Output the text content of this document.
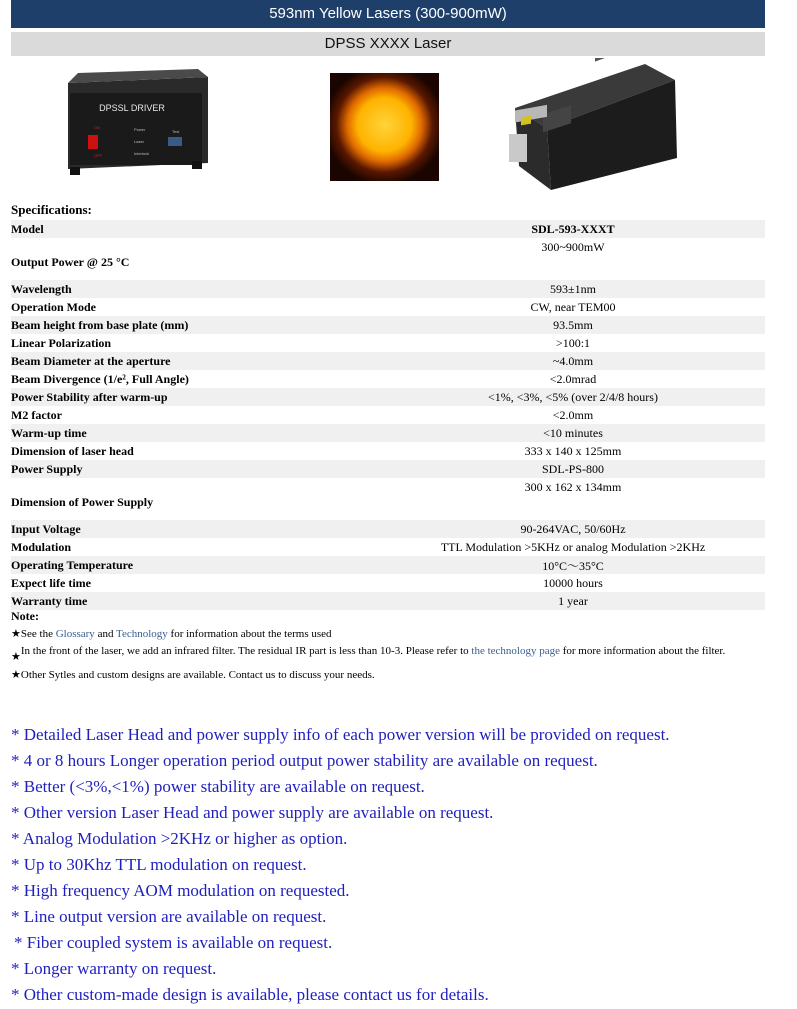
593nm Yellow Lasers (300-900mW)
DPSS XXXX Laser
DPSSL DRIVER
ON
OFF
Power
Laser
Interlock
Test
Specifications:
Model	SDL-593-XXXT
Output Power @ 25 °C	300~900mW
Wavelength	593±1nm
Operation Mode	CW, near TEM00
Beam height from base plate (mm)	93.5mm
Linear Polarization	>100:1
Beam Diameter at the aperture	~4.0mm
Beam Divergence (1/e², Full Angle)	<2.0mrad
Power Stability after warm-up	<1%, <3%, <5% (over 2/4/8 hours)
M2 factor	<2.0mm
Warm-up time	<10 minutes
Dimension of laser head	333 x 140 x 125mm
Power Supply	SDL-PS-800
Dimension of Power Supply	300 x 162 x 134mm
Input Voltage	90-264VAC, 50/60Hz
Modulation	TTL Modulation >5KHz or analog Modulation >2KHz
Operating Temperature	10°C～35°C
Expect life time	10000 hours
Warranty time	1 year
Note:
★See the Glossary and Technology for information about the terms used
★ In the front of the laser, we add an infrared filter. The residual IR part is less than 10-3. Please refer to the technology page for more information about the filter.
★Other Sytles and custom designs are available. Contact us to discuss your needs.
* Detailed Laser Head and power supply info of each power version will be provided on request.
* 4 or 8 hours Longer operation period output power stability are available on request.
* Better (<3%,<1%) power stability are available on request.
* Other version Laser Head and power supply are available on request.
* Analog Modulation >2KHz or higher as option.
* Up to 30Khz TTL modulation on request.
* High frequency AOM modulation on requested.
* Line output version are available on request.
* Fiber coupled system is available on request.
* Longer warranty on request.
* Other custom-made design is available, please contact us for details.
